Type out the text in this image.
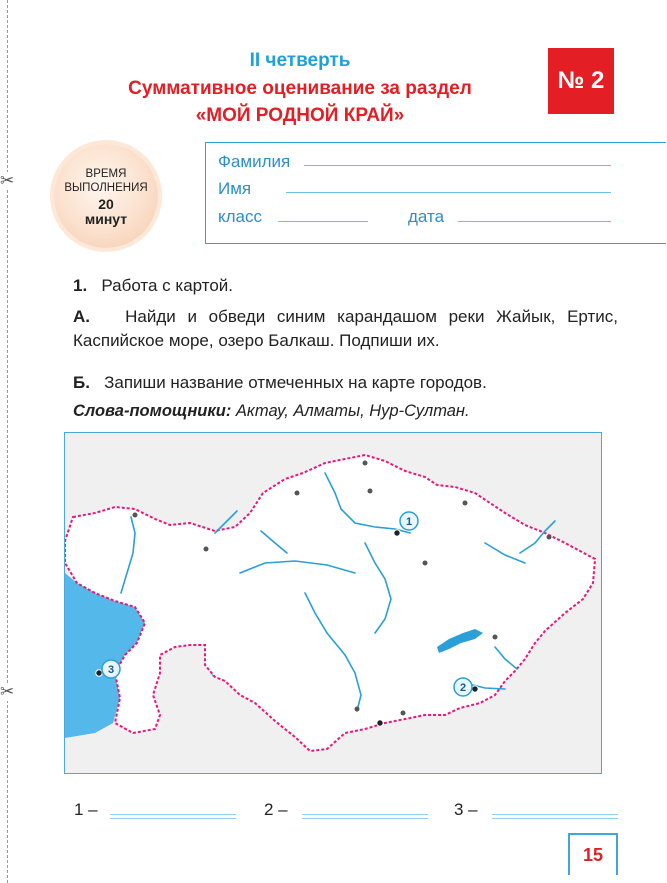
✂
✂
II четверть
Суммативное оценивание за раздел
«МОЙ РОДНОЙ КРАЙ»
№ 2
ВРЕМЯ
ВЫПОЛНЕНИЯ
20
минут
Фамилия
Имя
класс	дата
1. Работа с картой.
А. Найди и обведи синим карандашом реки Жайык, Ертис, Каспийское море, озеро Балкаш. Подпиши их.
Б. Запиши название отмеченных на карте городов.
Слова-помощники: Актау, Алматы, Нур-Султан.
1
2
3
1 –	2 –	3 –
15
